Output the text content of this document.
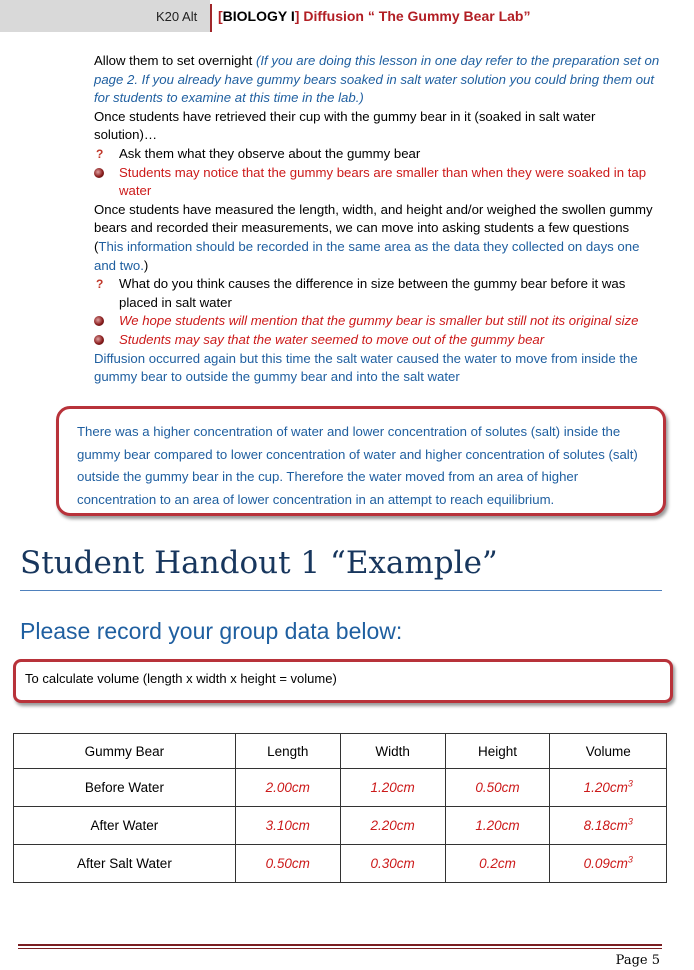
K20 Alt [BIOLOGY I] Diffusion “ The Gummy Bear Lab”

Allow them to set overnight (If you are doing this lesson in one day refer to the preparation set on page 2. If you already have gummy bears soaked in salt water solution you could bring them out for students to examine at this time in the lab.)

Once students have retrieved their cup with the gummy bear in it (soaked in salt water solution)…

? Ask them what they observe about the gummy bear

Students may notice that the gummy bears are smaller than when they were soaked in tap water

Once students have measured the length, width, and height and/or weighed the swollen gummy bears and recorded their measurements, we can move into asking students a few questions (This information should be recorded in the same area as the data they collected on days one and two.)

? What do you think causes the difference in size between the gummy bear before it was placed in salt water

We hope students will mention that the gummy bear is smaller but still not its original size

Students may say that the water seemed to move out of the gummy bear

Diffusion occurred again but this time the salt water caused the water to move from inside the gummy bear to outside the gummy bear and into the salt water

There was a higher concentration of water and lower concentration of solutes (salt) inside the gummy bear compared to lower concentration of water and higher concentration of solutes (salt) outside the gummy bear in the cup. Therefore the water moved from an area of higher concentration to an area of lower concentration in an attempt to reach equilibrium.

Student Handout 1 “Example”
Please record your group data below:
To calculate volume (length x width x height = volume)
Gummy Bear	Length	Width	Height	Volume
Before Water	2.00cm	1.20cm	0.50cm	$1.20cm^3$
After Water	3.10cm	2.20cm	1.20cm	$8.18cm^3$
After Salt Water	0.50cm	0.30cm	0.2cm	$0.09cm^3$
Page 5
